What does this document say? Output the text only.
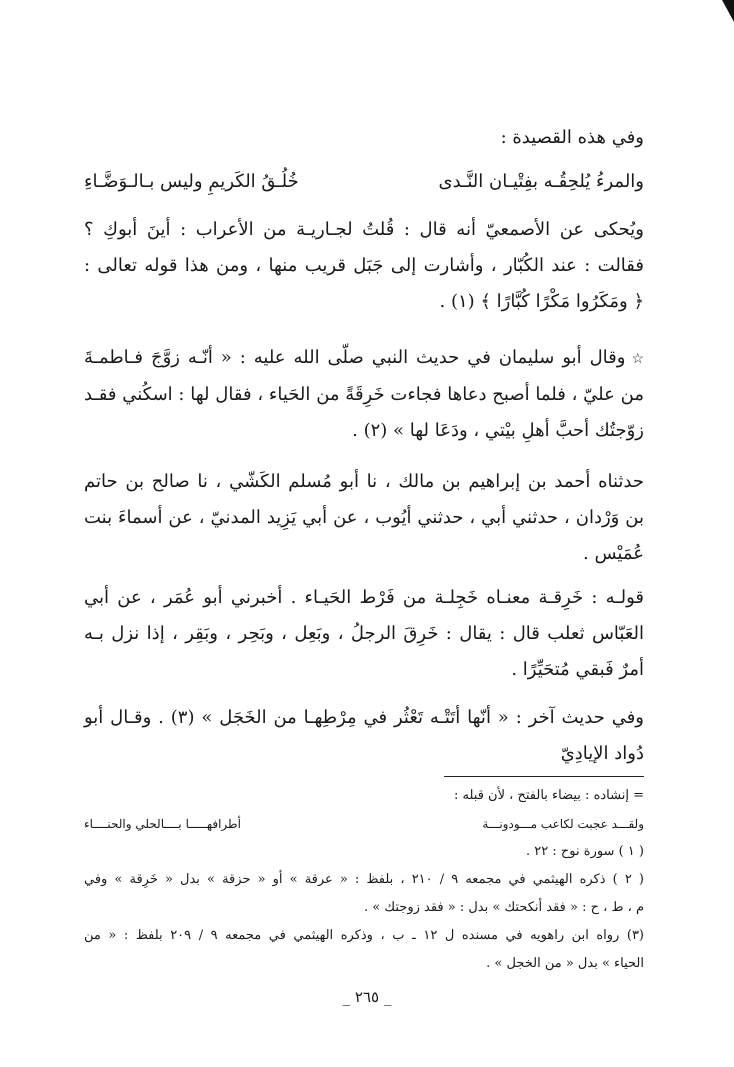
وفي هذه القصيدة :
والمرءُ يُلحِقُـه بفِتْيـان النَّـدى
خُلُـقُ الكَريمِ وليس بـالـوَضَّـاءِ
ويُحكى عن الأصمعيّ أنه قال : قُلتُ لجـاريـة من الأعراب : أينَ أبوكِ ؟
فقالت : عند الكُبّار ، وأشارت إلى جَبَل قريب منها ، ومن هذا قوله تعالى :
﴿ ومَكَرُوا مَكْرًا كُبَّارًا ﴾ (١) .
☆وقال أبو سليمان في حديث النبي صلّى الله عليه : « أنّـه زوَّجَ فـاطمـةَ
من عليّ ، فلما أصبح دعاها فجاءت خَرِقَةً من الحَياء ، فقال لها : اسكُني فقـد
زوّجتُك أحبَّ أهلِ بيْتي ، ودَعَا لها » (٢) .
حدثناه أحمد بن إبراهيم بن مالك ، نا أبو مُسلم الكَشّي ، نا صالح بن حاتم
بن وَرْدان ، حدثني أبي ، حدثني أيُوب ، عن أبي يَزِيد المدنيّ ، عن أسماءَ بنت
عُمَيْس .
قولـه : خَرِقـة معنـاه خَجِلـة من فَرْط الحَيـاء . أخبرني أبو عُمَر ، عن أبي
العَبّاس ثعلب قال : يقال : خَرِقَ الرجلُ ، وبَعِل ، وبَحِر ، وبَقِر ، إذا نزل بـه
أمرٌ فَبقي مُتحَيِّرًا .
وفي حديث آخر : « أنّها أتَتْـه تَعْثُر في مِرْطِهـا من الخَجَل » (٣) . وقـال أبو
دُواد الإيادِيّ
= إنشاده : بيضاء بالفتح ، لأن قبله :
ولقـــد عجبت لكاعب مـــودونـــة
أطرافهـــــا بــــالحلي والحنــــاء
( ١ ) سورة نوح : ٢٢ .
( ٢ ) ذكره الهيثمي في مجمعه ٩ / ٢١٠ ، بلفظ : « عرقة » أو « حزقة » بدل « خَرِقة » وفي
م ، ط ، ح : « فقد أنكحتك » بدل : « فقد زوجتك » .
(٣) رواه ابن راهويه في مسنده ل ١٢ ـ ب ، وذكره الهيثمي في مجمعه ٩ / ٢٠٩ بلفظ : « من
الحياء » بدل « من الخجل » .
_ ٢٦٥ _
